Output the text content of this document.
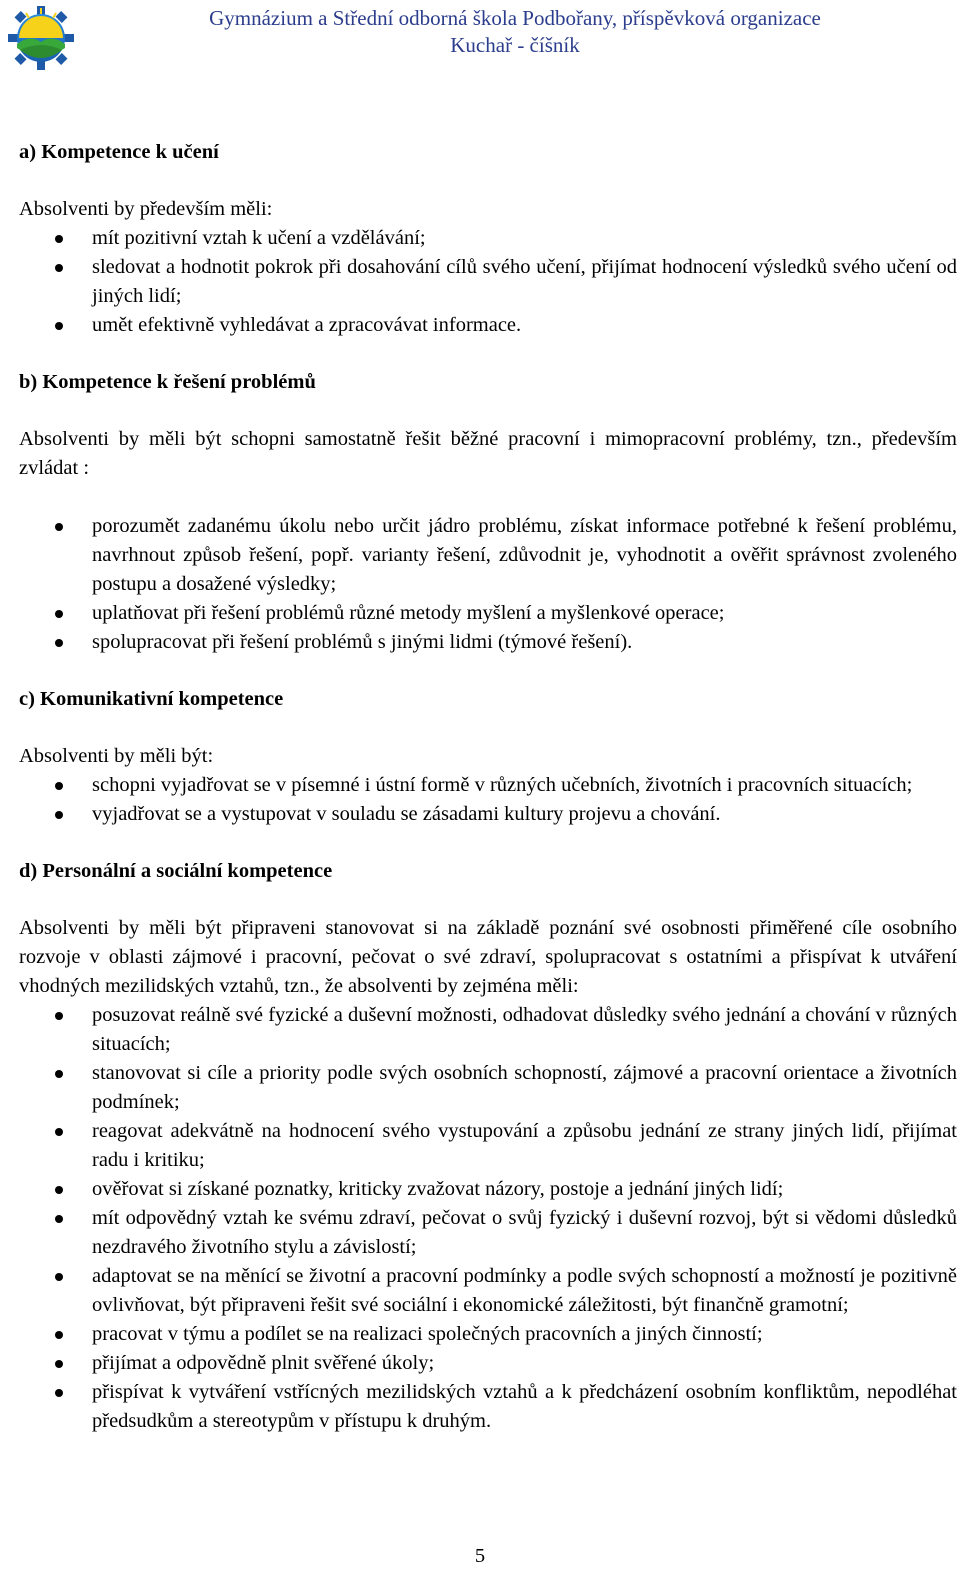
Gymnázium a Střední odborná škola Podbořany, příspěvková organizace
Kuchař - číšník
a) Kompetence k učení

Absolventi by především měli:

mít pozitivní vztah k učení a vzdělávání;
sledovat a hodnotit pokrok při dosahování cílů svého učení, přijímat hodnocení výsledků svého učení od jiných lidí;
umět efektivně vyhledávat a zpracovávat informace.
b) Kompetence k řešení problémů

Absolventi by měli být schopni samostatně řešit běžné pracovní i mimopracovní problémy, tzn., především zvládat :

porozumět zadanému úkolu nebo určit jádro problému, získat informace potřebné k řešení problému, navrhnout způsob řešení, popř. varianty řešení, zdůvodnit je, vyhodnotit a ověřit správnost zvoleného postupu a dosažené výsledky;
uplatňovat při řešení problémů různé metody myšlení a myšlenkové operace;
spolupracovat při řešení problémů s jinými lidmi (týmové řešení).
c) Komunikativní kompetence

Absolventi by měli být:

schopni vyjadřovat se v písemné i ústní formě v různých učebních, životních i pracovních situacích;
vyjadřovat se a vystupovat v souladu se zásadami kultury projevu a chování.
d) Personální a sociální kompetence

Absolventi by měli být připraveni stanovovat si na základě poznání své osobnosti přiměřené cíle osobního rozvoje v oblasti zájmové i pracovní, pečovat o své zdraví, spolupracovat s ostatními a přispívat k utváření vhodných mezilidských vztahů, tzn., že absolventi by zejména měli:

posuzovat reálně své fyzické a duševní možnosti, odhadovat důsledky svého jednání a chování v různých situacích;
stanovovat si cíle a priority podle svých osobních schopností, zájmové a pracovní orientace a životních podmínek;
reagovat adekvátně na hodnocení svého vystupování a způsobu jednání ze strany jiných lidí, přijímat radu i kritiku;
ověřovat si získané poznatky, kriticky zvažovat názory, postoje a jednání jiných lidí;
mít odpovědný vztah ke svému zdraví, pečovat o svůj fyzický i duševní rozvoj, být si vědomi důsledků nezdravého životního stylu a závislostí;
adaptovat se na měnící se životní a pracovní podmínky a podle svých schopností a možností je pozitivně ovlivňovat, být připraveni řešit své sociální i ekonomické záležitosti, být finančně gramotní;
pracovat v týmu a podílet se na realizaci společných pracovních a jiných činností;
přijímat a odpovědně plnit svěřené úkoly;
přispívat k vytváření vstřícných mezilidských vztahů a k předcházení osobním konfliktům, nepodléhat předsudkům a stereotypům v přístupu k druhým.
5
